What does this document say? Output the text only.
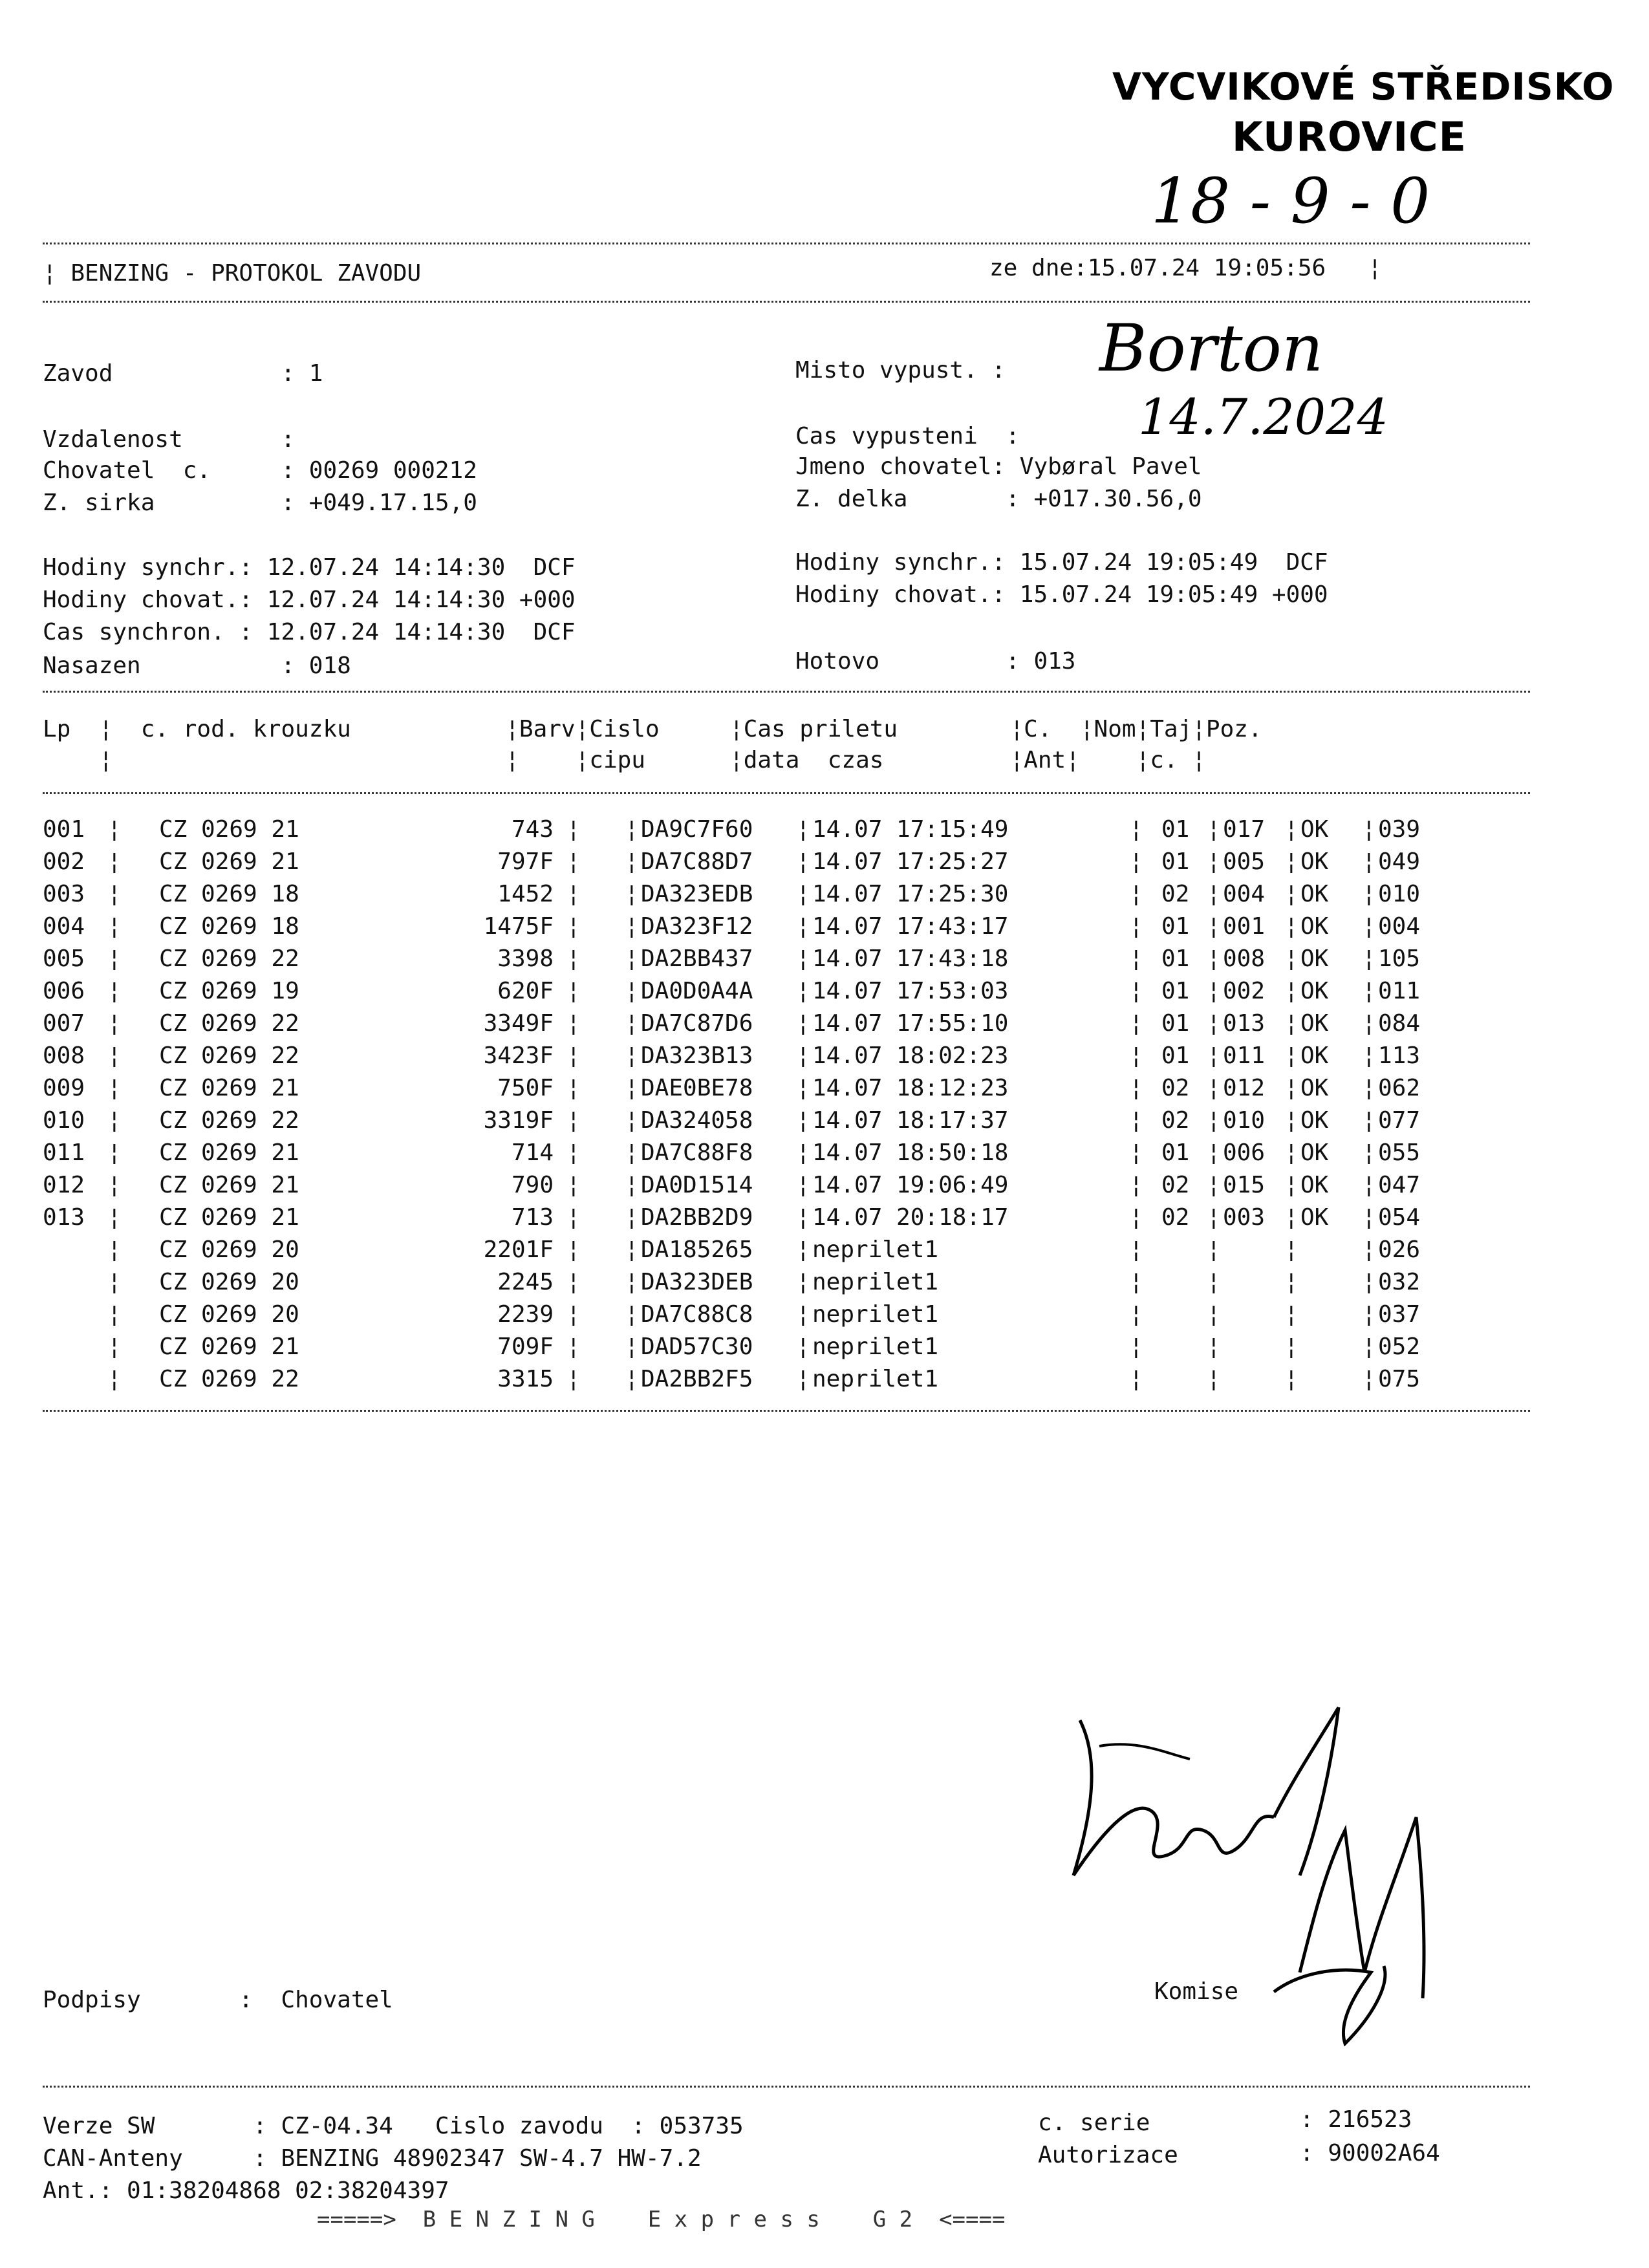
VYCVIKOVÉ STŘEDISKO
KUROVICE
18 - 9 - 0
¦ BENZING - PROTOKOL ZAVODU	ze dne:15.07.24 19:05:56   ¦
Zavod            : 1	Misto vypust. : Borton
Vzdalenost       :	Cas vypusteni  : 14.7.2024
Chovatel  c.     : 00269 000212	Jmeno chovatel: Vybøral Pavel
Z. sirka         : +049.17.15,0	Z. delka       : +017.30.56,0
Hodiny synchr.: 12.07.24 14:14:30  DCF	Hodiny synchr.: 15.07.24 19:05:49  DCF
Hodiny chovat.: 12.07.24 14:14:30 +000	Hodiny chovat.: 15.07.24 19:05:49 +000
Cas synchron. : 12.07.24 14:14:30  DCF
Nasazen          : 018	Hotovo         : 013
Lp  ¦  c. rod. krouzku           ¦Barv¦Cislo     ¦Cas priletu        ¦C.  ¦Nom¦Taj¦Poz.
¦                            ¦    ¦cipu      ¦data  czas         ¦Ant¦    ¦c. ¦
001 ¦ CZ 0269 21	743 ¦ ¦ DA9C7F60 ¦ 14.07 17:15:49	¦ 01 ¦ 017 ¦ OK ¦ 039
002 ¦ CZ 0269 21	797F ¦ ¦ DA7C88D7 ¦ 14.07 17:25:27	¦ 01 ¦ 005 ¦ OK ¦ 049
003 ¦ CZ 0269 18	1452 ¦ ¦ DA323EDB ¦ 14.07 17:25:30	¦ 02 ¦ 004 ¦ OK ¦ 010
004 ¦ CZ 0269 18	1475F ¦ ¦ DA323F12 ¦ 14.07 17:43:17	¦ 01 ¦ 001 ¦ OK ¦ 004
005 ¦ CZ 0269 22	3398 ¦ ¦ DA2BB437 ¦ 14.07 17:43:18	¦ 01 ¦ 008 ¦ OK ¦ 105
006 ¦ CZ 0269 19	620F ¦ ¦ DA0D0A4A ¦ 14.07 17:53:03	¦ 01 ¦ 002 ¦ OK ¦ 011
007 ¦ CZ 0269 22	3349F ¦ ¦ DA7C87D6 ¦ 14.07 17:55:10	¦ 01 ¦ 013 ¦ OK ¦ 084
008 ¦ CZ 0269 22	3423F ¦ ¦ DA323B13 ¦ 14.07 18:02:23	¦ 01 ¦ 011 ¦ OK ¦ 113
009 ¦ CZ 0269 21	750F ¦ ¦ DAE0BE78 ¦ 14.07 18:12:23	¦ 02 ¦ 012 ¦ OK ¦ 062
010 ¦ CZ 0269 22	3319F ¦ ¦ DA324058 ¦ 14.07 18:17:37	¦ 02 ¦ 010 ¦ OK ¦ 077
011 ¦ CZ 0269 21	714 ¦ ¦ DA7C88F8 ¦ 14.07 18:50:18	¦ 01 ¦ 006 ¦ OK ¦ 055
012 ¦ CZ 0269 21	790 ¦ ¦ DA0D1514 ¦ 14.07 19:06:49	¦ 02 ¦ 015 ¦ OK ¦ 047
013 ¦ CZ 0269 21	713 ¦ ¦ DA2BB2D9 ¦ 14.07 20:18:17	¦ 02 ¦ 003 ¦ OK ¦ 054
¦ CZ 0269 20	2201F ¦ ¦ DA185265 ¦ neprilet1	¦	¦	¦	¦ 026
¦ CZ 0269 20	2245 ¦ ¦ DA323DEB ¦ neprilet1	¦	¦	¦	¦ 032
¦ CZ 0269 20	2239 ¦ ¦ DA7C88C8 ¦ neprilet1	¦	¦	¦	¦ 037
¦ CZ 0269 21	709F ¦ ¦ DAD57C30 ¦ neprilet1	¦	¦	¦	¦ 052
¦ CZ 0269 22	3315 ¦ ¦ DA2BB2F5 ¦ neprilet1	¦	¦	¦	¦ 075
Podpisy       :  Chovatel	Komise
Verze SW       : CZ-04.34   Cislo zavodu  : 053735	c. serie	: 216523
CAN-Anteny     : BENZING 48902347 SW-4.7 HW-7.2	Autorizace	: 90002A64
Ant.: 01:38204868 02:38204397
=====>  B E N Z I N G    E x p r e s s    G 2  <====
